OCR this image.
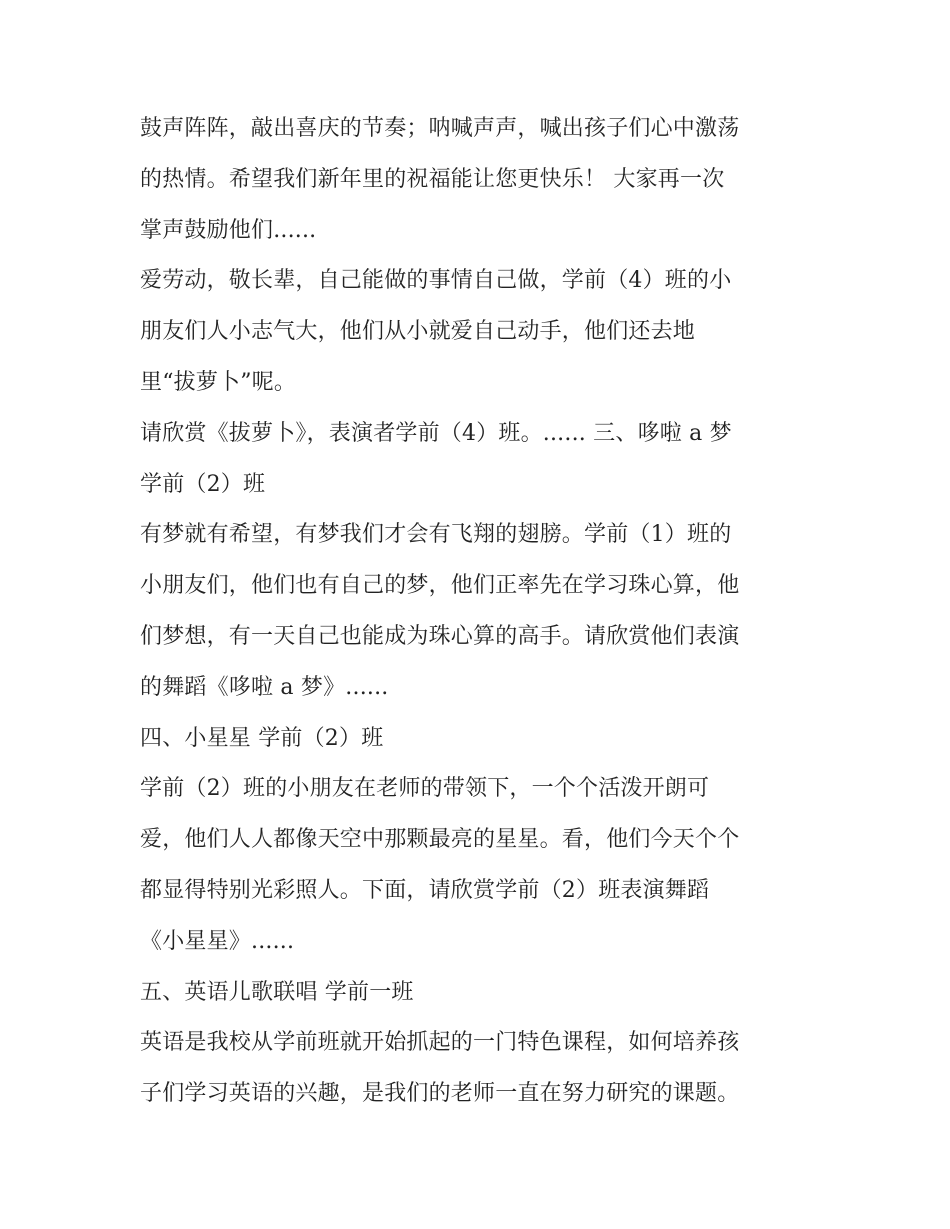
鼓声阵阵，敲出喜庆的节奏；呐喊声声，喊出孩子们心中激荡
的热情。希望我们新年里的祝福能让您更快乐！ 大家再一次
掌声鼓励他们......
爱劳动，敬长辈，自己能做的事情自己做，学前（4）班的小
朋友们人小志气大，他们从小就爱自己动手，他们还去地
里“拔萝卜”呢。
请欣赏《拔萝卜》，表演者学前（4）班。...... 三、哆啦 a 梦
学前（2）班
有梦就有希望，有梦我们才会有飞翔的翅膀。学前（1）班的
小朋友们，他们也有自己的梦，他们正率先在学习珠心算，他
们梦想，有一天自己也能成为珠心算的高手。请欣赏他们表演
的舞蹈《哆啦 a 梦》......
四、小星星 学前（2）班
学前（2）班的小朋友在老师的带领下，一个个活泼开朗可
爱，他们人人都像天空中那颗最亮的星星。看，他们今天个个
都显得特别光彩照人。下面，请欣赏学前（2）班表演舞蹈
《小星星》......
五、英语儿歌联唱 学前一班
英语是我校从学前班就开始抓起的一门特色课程，如何培养孩
子们学习英语的兴趣，是我们的老师一直在努力研究的课题。
